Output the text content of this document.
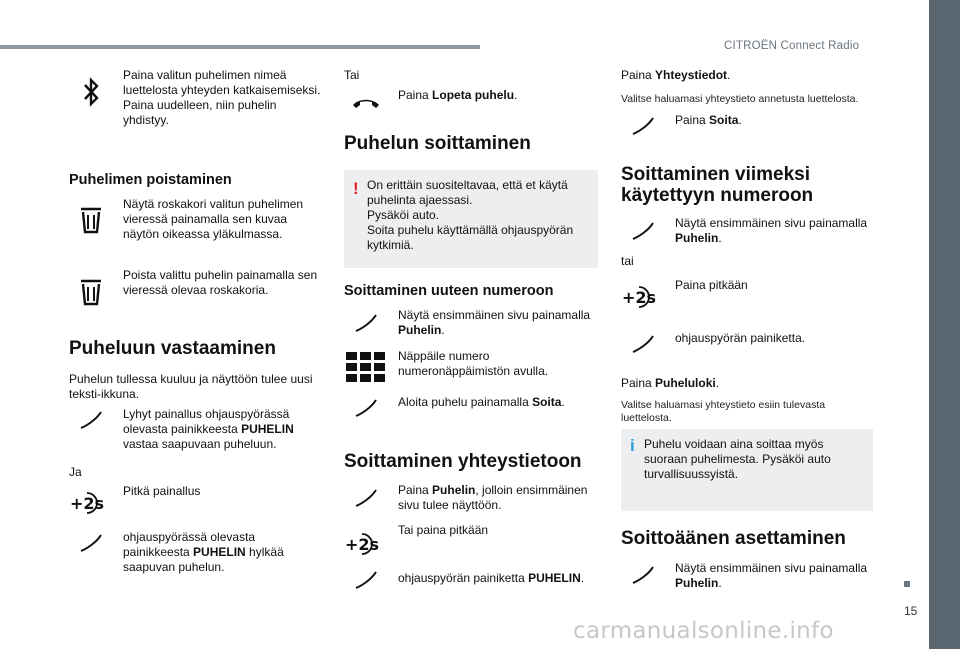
CITROËN Connect Radio
15
carmanualsonline.info
Paina valitun puhelimen nimeä luettelosta yhteyden katkaisemiseksi.
Paina uudelleen, niin puhelin yhdistyy.
Puhelimen poistaminen
Näytä roskakori valitun puhelimen vieressä painamalla sen kuvaa näytön oikeassa yläkulmassa.
Poista valittu puhelin painamalla sen vieressä olevaa roskakoria.
Puheluun vastaaminen
Puhelun tullessa kuuluu ja näyttöön tulee uusi teksti-ikkuna.
Lyhyt painallus ohjauspyörässä olevasta painikkeesta PUHELIN vastaa saapuvaan puheluun.
Ja
+2s
Pitkä painallus
ohjauspyörässä olevasta painikkeesta PUHELIN hylkää saapuvan puhelun.
Tai
Paina Lopeta puhelu.
Puhelun soittaminen
! On erittäin suositeltavaa, että et käytä puhelinta ajaessasi.
Pysäköi auto.
Soita puhelu käyttämällä ohjauspyörän kytkimiä.
Soittaminen uuteen numeroon
Näytä ensimmäinen sivu painamalla Puhelin.
Näppäile numero numeronäppäimistön avulla.
Aloita puhelu painamalla Soita.
Soittaminen yhteystietoon
Paina Puhelin, jolloin ensimmäinen sivu tulee näyttöön.
+2s
Tai paina pitkään
ohjauspyörän painiketta PUHELIN.
Paina Yhteystiedot.
Valitse haluamasi yhteystieto annetusta luettelosta.
Paina Soita.
Soittaminen viimeksi käytettyyn numeroon
Näytä ensimmäinen sivu painamalla Puhelin.
tai
+2s
Paina pitkään
ohjauspyörän painiketta.
Paina Puheluloki.
Valitse haluamasi yhteystieto esiin tulevasta luettelosta.
i Puhelu voidaan aina soittaa myös suoraan puhelimesta. Pysäköi auto turvallisuussyistä.
Soittoäänen asettaminen
Näytä ensimmäinen sivu painamalla Puhelin.
